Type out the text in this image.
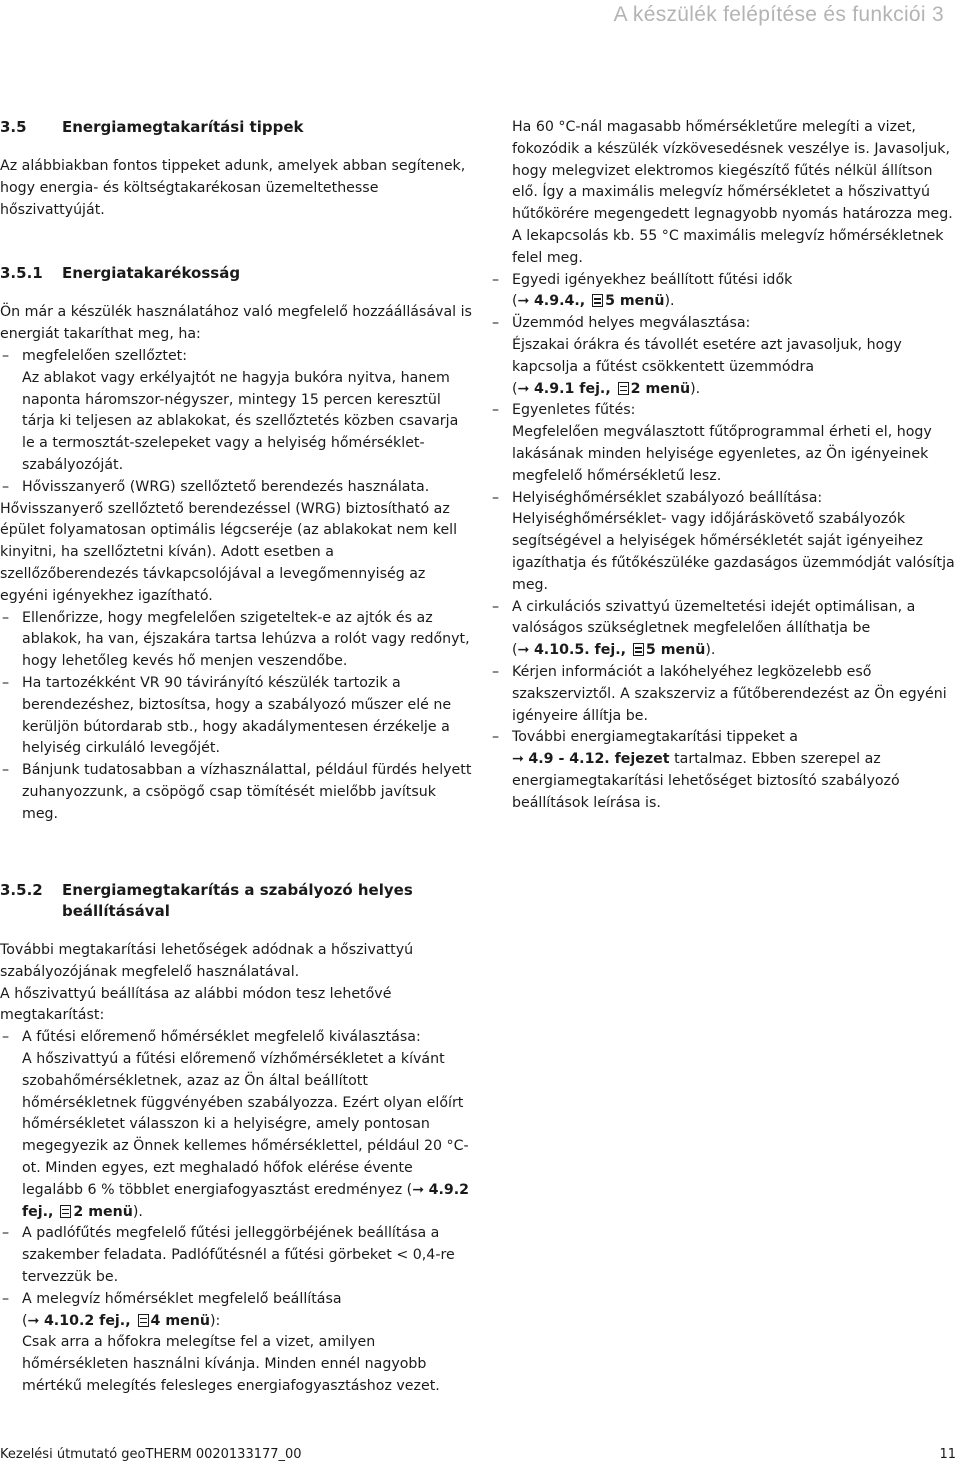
A készülék felépítése és funkciói 3
3.5 Energiamegtakarítási tippek

Az alábbiakban fontos tippeket adunk, amelyek abban segítenek, hogy energia- és költségtakarékosan üzemeltethesse hőszivattyúját.

3.5.1 Energiatakarékosság

Ön már a készülék használatához való megfelelő hozzáállásával is energiát takaríthat meg, ha:

– megfelelően szellőztet:
Az ablakot vagy erkélyajtót ne hagyja bukóra nyitva, hanem naponta háromszor-négyszer, mintegy 15 percen keresztül tárja ki teljesen az ablakokat, és szellőztetés közben csavarja le a termosztát-szelepeket vagy a helyiség hőmérséklet-szabályozóját.
– Hővisszanyerő (WRG) szellőztető berendezés használata.

Hővisszanyerő szellőztető berendezéssel (WRG) biztosítható az épület folyamatosan optimális légcseréje (az ablakokat nem kell kinyitni, ha szellőztetni kíván). Adott esetben a szellőzőberendezés távkapcsolójával a levegőmennyiség az egyéni igényekhez igazítható.

– Ellenőrizze, hogy megfelelően szigeteltek-e az ajtók és az ablakok, ha van, éjszakára tartsa lehúzva a rolót vagy redőnyt, hogy lehetőleg kevés hő menjen veszendőbe.
– Ha tartozékként VR 90 távirányító készülék tartozik a berendezéshez, biztosítsa, hogy a szabályozó műszer elé ne kerüljön bútordarab stb., hogy akadálymentesen érzékelje a helyiség cirkuláló levegőjét.
– Bánjunk tudatosabban a vízhasználattal, például fürdés helyett zuhanyozzunk, a csöpögő csap tömítését mielőbb javítsuk meg.

Ha 60 °C-nál magasabb hőmérsékletűre melegíti a vizet, fokozódik a készülék vízkövesedésnek veszélye is. Javasoljuk, hogy melegvizet elektromos kiegészítő fűtés nélkül állítson elő. Így a maximális melegvíz hőmérsékletet a hőszivattyú hűtőkörére megengedett legnagyobb nyomás határozza meg. A lekapcsolás kb. 55 °C maximális melegvíz hőmérsékletnek felel meg.

– Egyedi igényekhez beállított fűtési idők
(➞ 4.9.4., 5 menü).
– Üzemmód helyes megválasztása:
Éjszakai órákra és távollét esetére azt javasoljuk, hogy kapcsolja a fűtést csökkentett üzemmódra
(➞ 4.9.1 fej., 2 menü).
– Egyenletes fűtés:
Megfelelően megválasztott fűtőprogrammal érheti el, hogy lakásának minden helyisége egyenletes, az Ön igényeinek megfelelő hőmérsékletű lesz.
– Helyiséghőmérséklet szabályozó beállítása:
Helyiséghőmérséklet- vagy időjáráskövető szabályozók segítségével a helyiségek hőmérsékletét saját igényeihez igazíthatja és fűtőkészüléke gazdaságos üzemmódját valósítja meg.
– A cirkulációs szivattyú üzemeltetési idejét optimálisan, a valóságos szükségletnek megfelelően állíthatja be
(➞ 4.10.5. fej., 5 menü).
– Kérjen információt a lakóhelyéhez legközelebb eső szakszerviztől. A szakszerviz a fűtőberendezést az Ön egyéni igényeire állítja be.
– További energiamegtakarítási tippeket a
➞ 4.9 - 4.12. fejezet tartalmaz. Ebben szerepel az energiamegtakarítási lehetőséget biztosító szabályozó beállítások leírása is.
3.5.2	Energiamegtakarítás a szabályozó helyes beállításával

További megtakarítási lehetőségek adódnak a hőszivattyú szabályozójának megfelelő használatával.

A hőszivattyú beállítása az alábbi módon tesz lehetővé megtakarítást:

– A fűtési előremenő hőmérséklet megfelelő kiválasztása:
A hőszivattyú a fűtési előremenő vízhőmérsékletet a kívánt szobahőmérsékletnek, azaz az Ön által beállított hőmérsékletnek függvényében szabályozza. Ezért olyan előírt hőmérsékletet válasszon ki a helyiségre, amely pontosan megegyezik az Önnek kellemes hőmérséklettel, például 20 °C-ot. Minden egyes, ezt meghaladó hőfok elérése évente legalább 6 % többlet energiafogyasztást eredményez (➞ 4.9.2 fej., 2 menü).
– A padlófűtés megfelelő fűtési jelleggörbéjének beállítása a szakember feladata. Padlófűtésnél a fűtési görbeket < 0,4-re tervezzük be.
– A melegvíz hőmérséklet megfelelő beállítása
(➞ 4.10.2 fej., 4 menü):
Csak arra a hőfokra melegítse fel a vizet, amilyen hőmérsékleten használni kívánja. Minden ennél nagyobb mértékű melegítés felesleges energiafogyasztáshoz vezet.
Kezelési útmutató geoTHERM 0020133177_00	11
